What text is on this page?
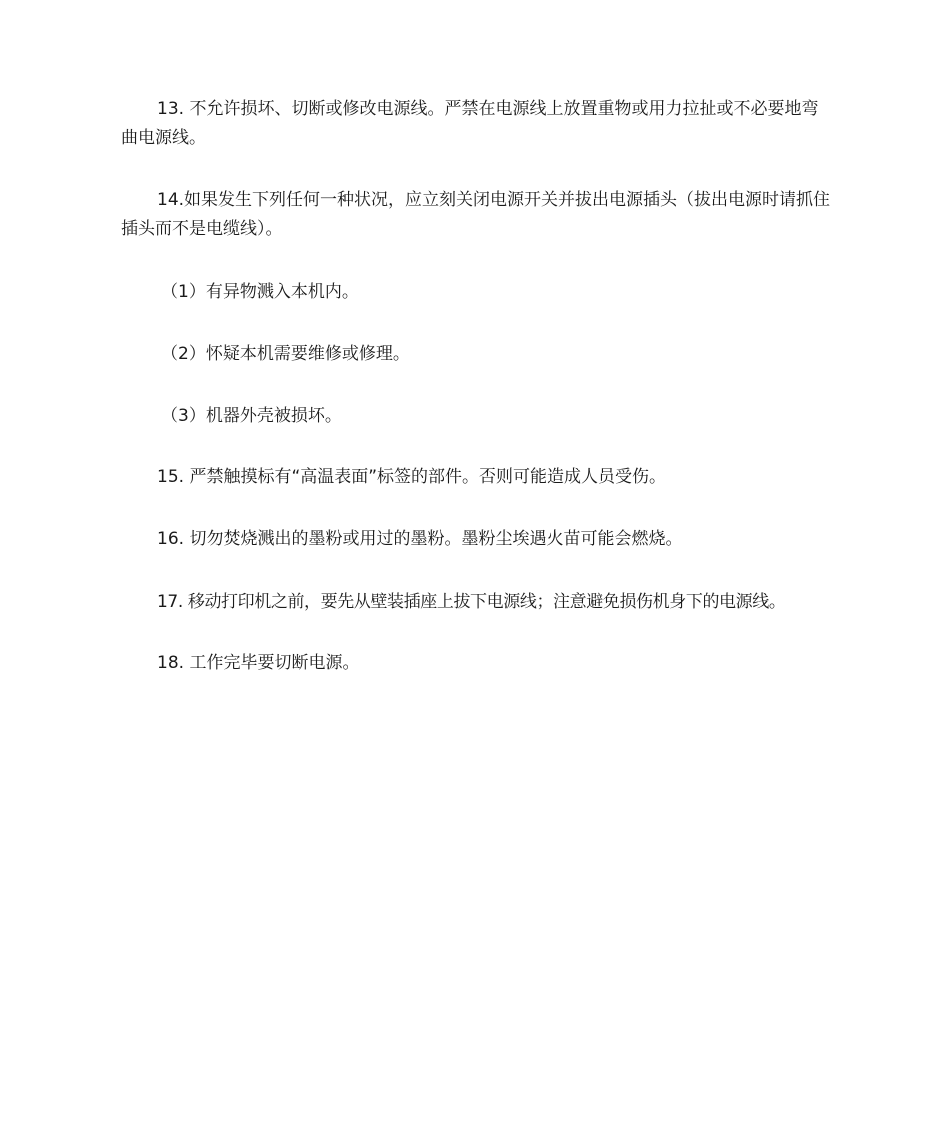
13. 不允许损坏、切断或修改电源线。严禁在电源线上放置重物或用力拉扯或不必要地弯曲电源线。

14.如果发生下列任何一种状况，应立刻关闭电源开关并拔出电源插头（拔出电源时请抓住插头而不是电缆线）。

（1）有异物溅入本机内。

（2）怀疑本机需要维修或修理。

（3）机器外壳被损坏。

15. 严禁触摸标有“高温表面”标签的部件。否则可能造成人员受伤。

16. 切勿焚烧溅出的墨粉或用过的墨粉。墨粉尘埃遇火苗可能会燃烧。

17. 移动打印机之前，要先从壁装插座上拔下电源线；注意避免损伤机身下的电源线。

18. 工作完毕要切断电源。
